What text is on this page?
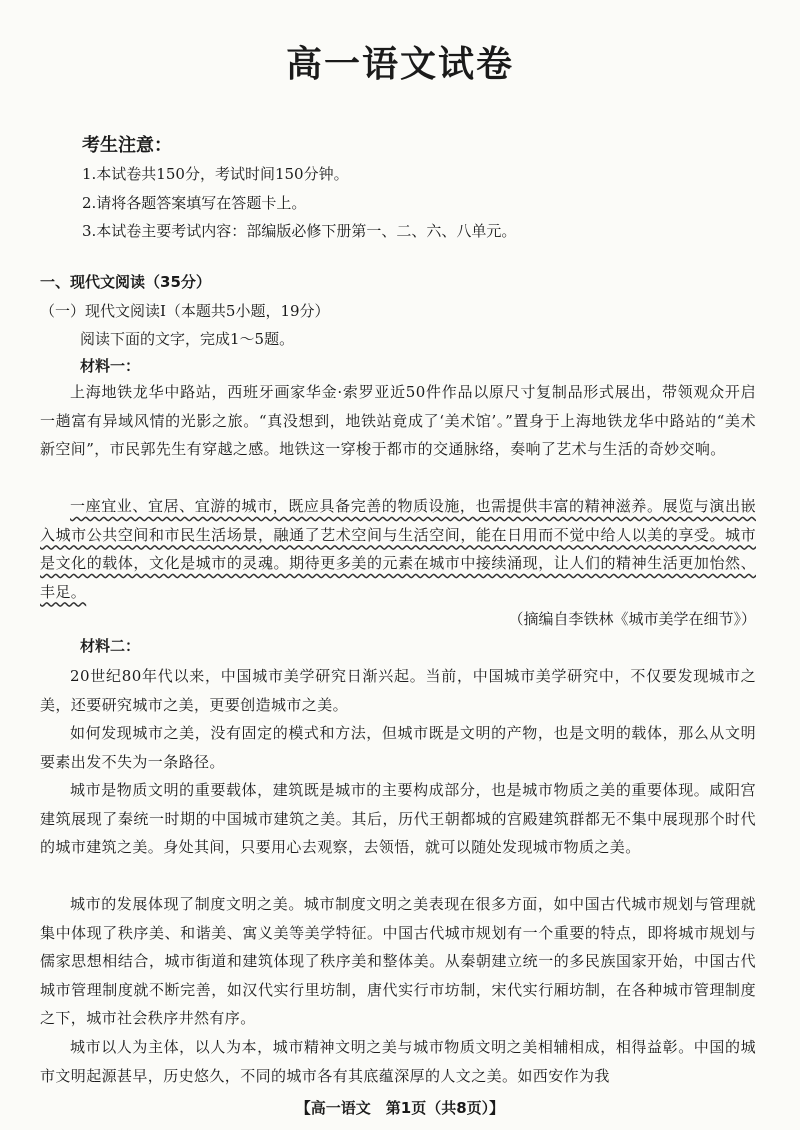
高一语文试卷
考生注意：
1.本试卷共150分，考试时间150分钟。
2.请将各题答案填写在答题卡上。
3.本试卷主要考试内容：部编版必修下册第一、二、六、八单元。
一、现代文阅读（35分）
（一）现代文阅读Ⅰ（本题共5小题，19分）
阅读下面的文字，完成1～5题。
材料一：
上海地铁龙华中路站，西班牙画家华金·索罗亚近50件作品以原尺寸复制品形式展出，带领观众开启一趟富有异域风情的光影之旅。“真没想到，地铁站竟成了‘美术馆’。”置身于上海地铁龙华中路站的“美术新空间”，市民郭先生有穿越之感。地铁这一穿梭于都市的交通脉络，奏响了艺术与生活的奇妙交响。
一座宜业、宜居、宜游的城市，既应具备完善的物质设施，也需提供丰富的精神滋养。展览与演出嵌入城市公共空间和市民生活场景，融通了艺术空间与生活空间，能在日用而不觉中给人以美的享受。城市是文化的载体，文化是城市的灵魂。期待更多美的元素在城市中接续涌现，让人们的精神生活更加怡然、丰足。
（摘编自李铁林《城市美学在细节》）
材料二：
20世纪80年代以来，中国城市美学研究日渐兴起。当前，中国城市美学研究中，不仅要发现城市之美，还要研究城市之美，更要创造城市之美。
如何发现城市之美，没有固定的模式和方法，但城市既是文明的产物，也是文明的载体，那么从文明要素出发不失为一条路径。
城市是物质文明的重要载体，建筑既是城市的主要构成部分，也是城市物质之美的重要体现。咸阳宫建筑展现了秦统一时期的中国城市建筑之美。其后，历代王朝都城的宫殿建筑群都无不集中展现那个时代的城市建筑之美。身处其间，只要用心去观察，去领悟，就可以随处发现城市物质之美。
城市的发展体现了制度文明之美。城市制度文明之美表现在很多方面，如中国古代城市规划与管理就集中体现了秩序美、和谐美、寓义美等美学特征。中国古代城市规划有一个重要的特点，即将城市规划与儒家思想相结合，城市街道和建筑体现了秩序美和整体美。从秦朝建立统一的多民族国家开始，中国古代城市管理制度就不断完善，如汉代实行里坊制，唐代实行市坊制，宋代实行厢坊制，在各种城市管理制度之下，城市社会秩序井然有序。
城市以人为主体，以人为本，城市精神文明之美与城市物质文明之美相辅相成，相得益彰。中国的城市文明起源甚早，历史悠久，不同的城市各有其底蕴深厚的人文之美。如西安作为我
【高一语文　第1页（共8页）】
